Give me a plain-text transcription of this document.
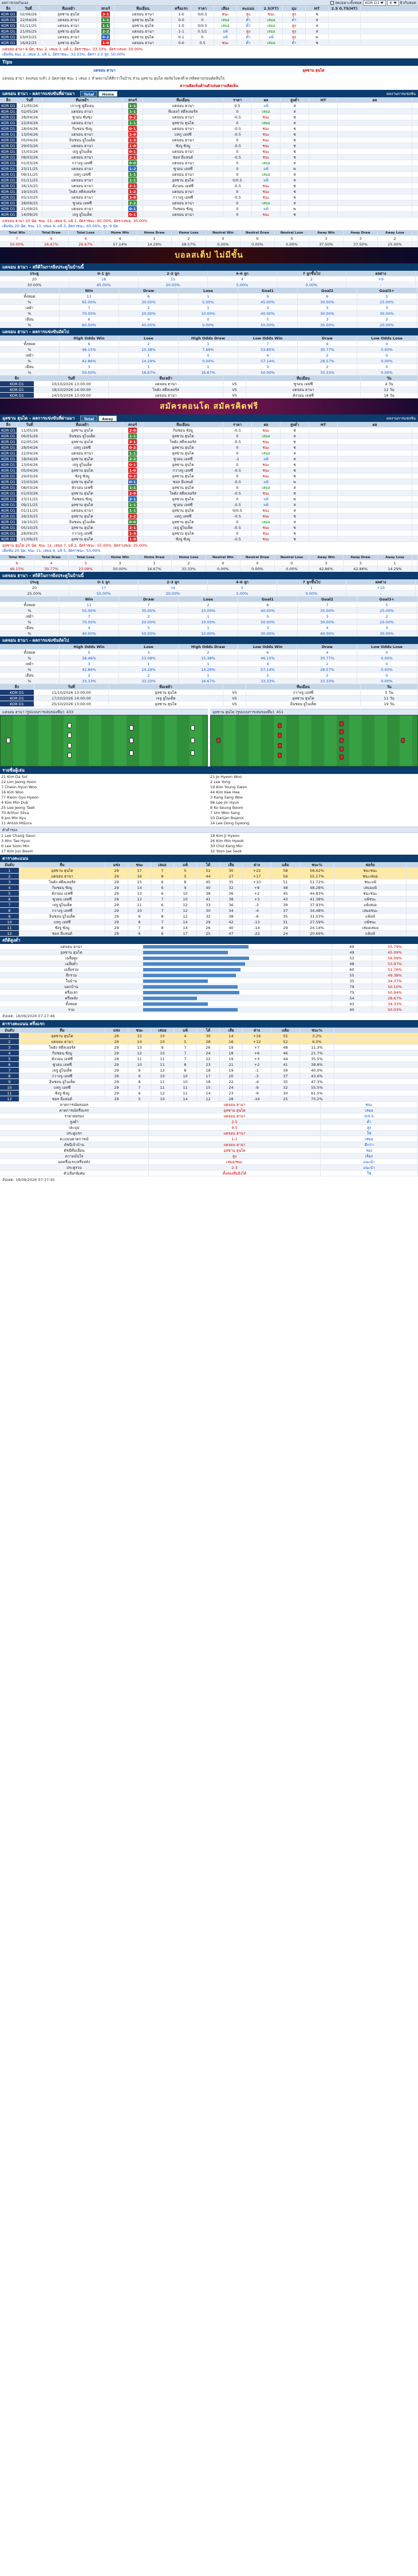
ผลการเจอกันเอง	ลดเฉพาะทั้งหมด KOR D1	6	ผิวกับหมด
ลีก	วันที่	ทีมเหย้า	สกอร์	ทีมเยือน	ครึ่งแรก	ราคา	เสียง	คะแนน	2.5(FT)	มุม	HT	2.5 0.75(HT)
KOR D1	02/06/26	อุลซาน ฮุนได	3-1	แดจอน ฮานา	1-0	0/0.5	ชนะ	สูง	ชนะ	สูง	ช
KOR D1	22/04/26	แดจอน ฮานา	1-1	อุลซาน ฮุนได	0-0	0	เสมอ	ต่ำ	เสมอ	ต่ำ	ส
KOR D1	01/11/25	แดจอน ฮานา	1-1	อุลซาน ฮุนได	1-0	0/0.5	เสมอ	ต่ำ	เสมอ	สูง	ส
KOR D1	21/05/25	อุลซาน ฮุนได	2-2	แดจอน ฮานา	1-1	0.5/1	แพ้	สูง	เสมอ	สูง	ส
KOR D1	03/03/25	แดจอน ฮานา	0-2	อุลซาน ฮุนได	0-1	0	แพ้	ต่ำ	แพ้	สูง	พ
KOR D1	16/02/25	อุลซาน ฮุนได	1-0	แดจอน ฮานา	0-0	0.5	ชนะ	ต่ำ	เสมอ	ต่ำ	ช
แดจอน ฮานา 6 นัด, ชนะ 2, เสมอ 3, แพ้ 1, อัตราชนะ: 33.33%, อัตราเสมอ: 50.00%
เดิมพัน ชนะ 2, เสมอ 3, แพ้ 1, อัตราชนะ: 33.33%, อัตรา 2.5 สูง: 50.00%
Tips
แดจอน ฮานา	อุลซาน ฮุนได
แดจอน ฮานา ลงเล่นมาแล้ว 2 นัดล่าสุด ชนะ 1 เสมอ 1 ทำผลงานได้ดีกว่าในบ้าน ส่วน อุลซาน ฮุนได ฟอร์มไม่คงที่ ควรติดตามก่อนตัดสินใจ
ความคิดเห็นด้านตัวเล่นความคิดเห็น
แดจอน ฮานา - ผลการแข่งขันที่ผ่านมา	Total Home	ผลงานการแข่งขัน
ลีก	วันที่	ทีมเหย้า	สกอร์	ทีมเยือน	ราคา	ผล	สูงต่ำ	HT	ผล
KOR D1	11/05/26	เกาะซู ฟูอีมอน	1-1	แดจอน ฮานา	0.5	แพ้	ส
KOR D1	02/05/26	แดจอน ฮานา	1-1	พีแฮงก์ สตีลเลอร์ส	0	เสมอ	ส
KOR D1	28/04/26	ซูวอน ซัมซุง	0-2	แดจอน ฮานา	-0.5	ชนะ	ช
KOR D1	22/04/26	แดจอน ฮานา	1-1	อุลซาน ฮุนได	0	เสมอ	ส
KOR D1	18/04/26	กิมชอน ซังมู	0-1	แดจอน ฮานา	-0.5	ชนะ	ช
KOR D1	13/04/26	แดจอน ฮานา	2-0	แทกู เอฟซี	-0.5	ชนะ	ช
KOR D1	05/04/26	อินชอน ยูไนเต็ด	1-3	แดจอน ฮานา	0	ชนะ	ช
KOR D1	29/03/26	แดจอน ฮานา	1-0	ซังจู ซังมู	-0.5	ชนะ	ช
KOR D1	15/03/26	เจจู ยูไนเต็ด	0-1	แดจอน ฮานา	0	ชนะ	ช
KOR D1	08/03/26	แดจอน ฮานา	2-1	ซอล อีแลนด์	-0.5	ชนะ	ช
KOR D1	01/03/26	กวางจู เอฟซี	0-0	แดจอน ฮานา	0	เสมอ	ส
KOR D1	23/11/25	แดจอน ฮานา	1-2	ซูวอน เอฟซี	0	แพ้	พ
KOR D1	09/11/25	แทกู เอฟซี	1-1	แดจอน ฮานา	0	เสมอ	ส
KOR D1	01/11/25	แดจอน ฮานา	1-1	อุลซาน ฮุนได	0/0.5	แพ้	ส
KOR D1	26/10/25	แดจอน ฮานา	2-1	คังวอน เอฟซี	-0.5	ชนะ	ช
KOR D1	19/10/25	โพฮัง สตีลเลอร์ส	1-2	แดจอน ฮานา	0	ชนะ	ช
KOR D1	05/10/25	แดจอน ฮานา	3-0	กวางจู เอฟซี	-0.5	ชนะ	ช
KOR D1	28/09/25	ซูวอน เอฟซี	2-2	แดจอน ฮานา	0	เสมอ	ส
KOR D1	21/09/25	แดจอน ฮานา	0-1	กิมชอน ซังมู	0	แพ้	พ
KOR D1	14/09/25	เจจู ยูไนเต็ด	0-1	แดจอน ฮานา	0	ชนะ	ช
แดจอน ฮานา 20 นัด, ชนะ 13, เสมอ 6, แพ้ 1, อัตราชนะ: 65.00%, อัตราเสมอ: 30.00%
เดิมพัน 20 นัด, ชนะ 13, เสมอ 4, แพ้ 3, อัตราชนะ: 65.00%, สูง: 9 นัด
Total Win	Total Draw	Total Lose	Home Win	Home Draw	Home Lose	Neutral Win	Neutral Draw	Neutral Lose	Away Win	Away Draw	Away Lose
7	4	4	4	1	2	0	0	0	3	3	2
50.00%	26.67%	26.67%	57.14%	14.29%	28.57%	0.00%	0.00%	0.00%	37.50%	37.50%	25.00%
บอลสเต็ป ไม่มีขั้น
แดจอน ฮานา - สถิติในการยิงประตูในบ้านนี้
ประตู	0-1 ลูก	2-3 ลูก	4-6 ลูก	7 ลูกขึ้นไป	ผลต่าง
20	18	15	4	2	+9
30.00%	45.00%	20.00%	5.00%	0.00%	-
Win	Draw	Lose	Goal1	Goal2	Goal3+
ทั้งหมด	13	6	1	9	6	5
%	65.00%	30.00%	5.00%	45.00%	30.00%	25.00%
เหย้า	7	2	1	4	3	3
%	70.00%	20.00%	10.00%	40.00%	30.00%	30.00%
เยือน	6	4	0	5	3	2
%	60.00%	40.00%	0.00%	50.00%	30.00%	20.00%
แดจอน ฮานา - ผลการแข่งขันถัดไป
High Odds Win	Lose	High Odds Draw	Low Odds Win	Draw	Low Odds Lose
ทั้งหมด	6	2	1	7	4	0
%	46.15%	15.38%	7.69%	53.85%	30.77%	0.00%
เหย้า	3	1	0	4	2	0
%	42.86%	14.29%	0.00%	57.14%	28.57%	0.00%
เยือน	3	1	1	3	2	0
%	50.00%	16.67%	16.67%	50.00%	33.33%	0.00%
ลีก	วันที่	ทีมเหย้า	ทีมเยือน	วัน
KOR D1	10/10/2026 13:00:00	แดจอน ฮานา	VS	ซูวอน เอฟซี	4 วัน
KOR D1	18/10/2026 14:00:00	โพฮัง สตีลเลอร์ส	VS	แดจอน ฮานา	12 วัน
KOR D1	24/10/2026 13:00:00	แดจอน ฮานา	VS	คังวอน เอฟซี	18 วัน
สมัครคอนโด สมัครคิดฟรี
อุลซาน ฮุนได - ผลการแข่งขันที่ผ่านมา	Total Away	ผลงานการแข่งขัน
ลีก	วันที่	ทีมเหย้า	สกอร์	ทีมเยือน	ราคา	ผล	สูงต่ำ	HT	ผล
KOR D1	11/05/26	อุลซาน ฮุนได	2-0	กิมชอน ซังมู	-0.5	ชนะ	ช
KOR D1	06/05/26	อินชอน ยูไนเต็ด	1-1	อุลซาน ฮุนได	0	เสมอ	ส
KOR D1	02/05/26	อุลซาน ฮุนได	3-1	โพฮัง สตีลเลอร์ส	-0.5	ชนะ	ช
KOR D1	28/04/26	แทกู เอฟซี	0-2	อุลซาน ฮุนได	0	ชนะ	ช
KOR D1	22/04/26	แดจอน ฮานา	1-1	อุลซาน ฮุนได	0	เสมอ	ส
KOR D1	18/04/26	อุลซาน ฮุนได	2-2	ซูวอน เอฟซี	-1	แพ้	ส
KOR D1	13/04/26	เจจู ยูไนเต็ด	0-1	อุลซาน ฮุนได	0	ชนะ	ช
KOR D1	05/04/26	อุลซาน ฮุนได	1-0	กวางจู เอฟซี	-0.5	ชนะ	ช
KOR D1	29/03/26	ซังจู ซังมู	0-2	อุลซาน ฮุนได	0	ชนะ	ช
KOR D1	15/03/26	อุลซาน ฮุนได	0-1	ซอล อีแลนด์	-0.5	แพ้	พ
KOR D1	08/03/26	คังวอน เอฟซี	1-1	อุลซาน ฮุนได	0	เสมอ	ส
KOR D1	01/03/26	อุลซาน ฮุนได	2-0	โพฮัง สตีลเลอร์ส	-0.5	ชนะ	ช
KOR D1	23/11/25	กิมชอน ซังมู	2-1	อุลซาน ฮุนได	0	แพ้	พ
KOR D1	09/11/25	อุลซาน ฮุนได	1-1	ซูวอน เอฟซี	-0.5	แพ้	ส
KOR D1	01/11/25	แดจอน ฮานา	1-1	อุลซาน ฮุนได	0/0.5	ชนะ	ส
KOR D1	26/10/25	อุลซาน ฮุนได	3-2	แทกู เอฟซี	-0.5	ชนะ	ช
KOR D1	19/10/25	อินชอน ยูไนเต็ด	0-0	อุลซาน ฮุนได	0	เสมอ	ส
KOR D1	05/10/25	อุลซาน ฮุนได	2-1	เจจู ยูไนเต็ด	-0.5	ชนะ	ช
KOR D1	28/09/25	กวางจู เอฟซี	1-3	อุลซาน ฮุนได	0	ชนะ	ช
KOR D1	21/09/25	อุลซาน ฮุนได	1-0	ซังจู ซังมู	-0.5	ชนะ	ช
อุลซาน ฮุนได 20 นัด, ชนะ 11, เสมอ 7, แพ้ 2, อัตราชนะ: 55.00%, อัตราเสมอ: 35.00%
เดิมพัน 20 นัด, ชนะ 11, เสมอ 4, แพ้ 5, อัตราชนะ: 55.00%
Total Win	Total Draw	Total Lose	Home Win	Home Draw	Home Lose	Neutral Win	Neutral Draw	Neutral Lose	Away Win	Away Draw	Away Lose
6	4	3	3	1	2	0	0	0	3	3	1
46.15%	30.77%	23.08%	50.00%	16.67%	33.33%	0.00%	0.00%	0.00%	42.86%	42.86%	14.29%
แดจอน ฮานา - สถิติในการยิงประตูในบ้านนี้
ประตู	0-1 ลูก	2-3 ลูก	4-6 ลูก	7 ลูกขึ้นไป	ผลต่าง
20	17	14	5	1	+10
25.00%	50.00%	20.00%	5.00%	0.00%	-
Win	Draw	Lose	Goal1	Goal2	Goal3+
ทั้งหมด	11	7	2	8	7	5
%	55.00%	35.00%	10.00%	40.00%	35.00%	25.00%
เหย้า	7	2	1	5	3	2
%	70.00%	20.00%	10.00%	50.00%	30.00%	20.00%
เยือน	4	5	1	3	4	3
%	40.00%	50.00%	10.00%	30.00%	40.00%	30.00%
แดจอน ฮานา - ผลการแข่งขันถัดไป
High Odds Win	Lose	High Odds Draw	Low Odds Win	Draw	Low Odds Lose
ทั้งหมด	5	3	2	6	4	0
%	38.46%	23.08%	15.38%	46.15%	30.77%	0.00%
เหย้า	3	1	1	4	2	0
%	42.86%	14.29%	14.29%	57.14%	28.57%	0.00%
เยือน	2	2	1	2	2	0
%	33.33%	33.33%	16.67%	33.33%	33.33%	0.00%
ลีก	วันที่	ทีมเหย้า	ทีมเยือน	วัน
KOR D1	11/10/2026 13:00:00	อุลซาน ฮุนได	VS	กวางจู เอฟซี	5 วัน
KOR D1	17/10/2026 14:00:00	เจจู ยูไนเต็ด	VS	อุลซาน ฮุนได	11 วัน
KOR D1	25/10/2026 13:00:00	อุลซาน ฮุนได	VS	อินชอน ยูไนเต็ด	19 วัน
แดจอน ฮานา (รูปแบบการเล่นของทีม): 433	อุลซาน ฮุนได (รูปแบบการเล่นของทีม): 451
รายชื่อผู้เล่น
21 Kim Da Sol
22 Lim Jeong Hoon
7 Cheon Hyun Woo
16 Kim Woo
77 Kwon Gyo Hyeon
4 Kim Min Duk
25 Lee Jeong Taek
70 Arthur Silva
9 Joo Min Kyu
11 Anton Mišura
21 Jo Hyeon Woo
2 Lee Yong
19 Kim Young Gwon
44 Kim Kee Hee
3 Kang Sang Woo
96 Lee Jin Hyun
8 Ko Seung Beom
7 Um Won Sang
10 Darijan Bojanic
14 Lee Dong Gyeong
ตัวสำรอง
1 Lee Chang Geun
3 Ahn Tae Hyun
6 Lee Soon Min
17 Kim Jun Beom
18 Kim Ji Hyeon
26 Kim Min Hyeok
30 Choi Kang Min
32 Yoon Jae Seok
ตารางคะแนน
อันดับ	ทีม	แข่ง	ชนะ	เสมอ	แพ้	ได้	เสีย	ต่าง	แต้ม	ชนะ%	ฟอร์ม
1	อุลซาน ฮุนได	29	17	7	5	52	30	+22	58	58.62%	ชนะชนะ
2	แดจอน ฮานา	29	16	8	5	44	27	+17	56	55.17%	ชนะเสมอ
3	โพฮัง สตีลเลอร์ส	29	15	6	8	45	35	+10	51	51.72%	ชนะแพ้
4	กิมชอน ซังมู	29	14	6	9	40	32	+8	48	48.28%	เสมอแพ้
5	คังวอน เอฟซี	29	13	6	10	38	36	+2	45	44.83%	ชนะชนะ
6	ซูวอน เอฟซี	29	12	7	10	41	38	+3	43	41.38%	แพ้ชนะ
7	เจจู ยูไนเต็ด	29	11	6	12	33	36	-3	39	37.93%	แพ้เสมอ
8	กวางจู เอฟซี	29	10	7	12	30	34	-4	37	34.48%	เสมอชนะ
9	อินชอน ยูไนเต็ด	29	9	8	12	32	38	-6	35	31.03%	แพ้แพ้
10	แทกู เอฟซี	29	8	7	14	29	42	-13	31	27.59%	แพ้ชนะ
11	ซังจู ซังมู	29	7	8	14	26	40	-14	29	24.14%	เสมอเสมอ
12	ซอล อีแลนด์	29	6	6	17	25	47	-22	24	20.69%	แพ้แพ้
สถิติสูงต่ำ
แดจอน ฮานา	69	55.79%
อุลซาน ฮุนได	49	45.09%
เฉลี่ยสูง	53	56.09%
เฉลี่ยต่ำ	48	53.97%
เฉลี่ยรวม	60	51.76%
ลีกรวม	55	49.38%
ในบ้าน	35	34.37%
นอกบ้าน	79	50.10%
ครึ่งแรก	75	50.94%
ครึ่งหลัง	54	28.67%
ทั้งหมด	43	34.33%
รวม	40	50.03%
อัปเดต: 18/09/2026 07:27:46
ตารางคะแนน ครึ่งแรก
อันดับ	ทีม	แข่ง	ชนะ	เสมอ	แพ้	ได้	เสีย	ต่าง	แต้ม	ชนะ%
1	อุลซาน ฮุนได	29	15	10	4	30	14	+16	55	3.2%
2	แดจอน ฮานา	29	14	10	5	28	16	+12	52	6.0%
3	โพฮัง สตีลเลอร์ส	29	13	9	7	26	19	+7	48	11.3%
4	กิมชอน ซังมู	29	12	10	7	24	18	+6	46	21.7%
5	คังวอน เอฟซี	29	11	11	7	22	19	+3	44	35.5%
6	ซูวอน เอฟซี	29	10	11	8	23	21	+2	41	38.8%
7	เจจู ยูไนเต็ด	29	9	12	8	18	19	-1	39	40.0%
8	กวางจู เอฟซี	29	9	10	10	17	20	-3	37	43.6%
9	อินชอน ยูไนเต็ด	29	8	11	10	18	22	-4	35	47.3%
10	แทกู เอฟซี	29	7	11	11	15	24	-9	32	55.5%
11	ซังจู ซังมู	29	6	12	11	14	23	-9	30	61.5%
12	ซอล อีแลนด์	29	5	10	14	12	28	-16	25	75.2%
คาดการณ์ผลบอล	แดจอน ฮานา	ชนะ
คาดการณ์ครึ่งแรก	อุลซาน ฮุนได	เสมอ
ราคาต่อรอง	แดจอน ฮานา	0/0.5
สูงต่ำ	2.5	ต่ำ
เตะมุม	9.5	สูง
ประตูแรก	แดจอน ฮานา	ใช่
คะแนนคาดการณ์	1-1	เสมอ
ดัชนีเจ้าบ้าน	แดจอน ฮานา	ดีกว่า
ดัชนีทีมเยือน	อุลซาน ฮุนได	รอง
ความมั่นใจ	สูง	เลือก
ผลครึ่งแรก/ครึ่งหลัง	เสมอ/ชนะ	แนะนำ
ประตูรวม	2-3	แนะนำ
ตัวเลือกพิเศษ	ทั้งสองทีมยิงได้	ใช่
อัปเดต: 18/09/2026 07:27:45
